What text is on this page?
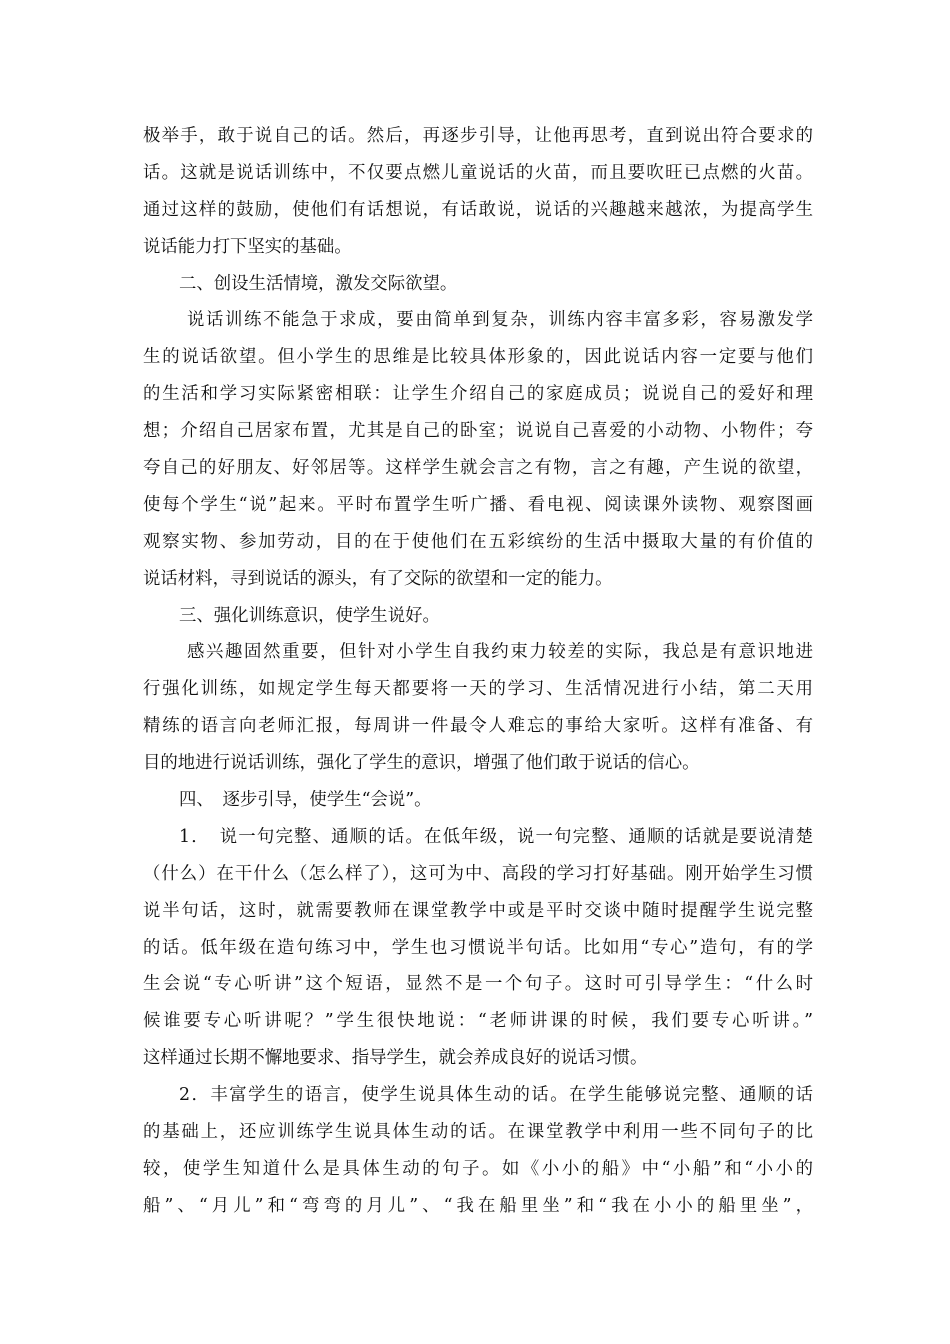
极举手，敢于说自己的话。然后，再逐步引导，让他再思考，直到说出符合要求的
话。这就是说话训练中，不仅要点燃儿童说话的火苗，而且要吹旺已点燃的火苗。
通过这样的鼓励，使他们有话想说，有话敢说，说话的兴趣越来越浓，为提高学生
说话能力打下坚实的基础。
二、创设生活情境，激发交际欲望。
说话训练不能急于求成，要由简单到复杂，训练内容丰富多彩，容易激发学
生的说话欲望。但小学生的思维是比较具体形象的，因此说话内容一定要与他们
的生活和学习实际紧密相联：让学生介绍自己的家庭成员；说说自己的爱好和理
想；介绍自己居家布置，尤其是自己的卧室；说说自己喜爱的小动物、小物件；夸
夸自己的好朋友、好邻居等。这样学生就会言之有物，言之有趣，产生说的欲望，
使每个学生“说”起来。平时布置学生听广播、看电视、阅读课外读物、观察图画
观察实物、参加劳动，目的在于使他们在五彩缤纷的生活中摄取大量的有价值的
说话材料，寻到说话的源头，有了交际的欲望和一定的能力。
三、强化训练意识，使学生说好。
感兴趣固然重要，但针对小学生自我约束力较差的实际，我总是有意识地进
行强化训练，如规定学生每天都要将一天的学习、生活情况进行小结，第二天用
精练的语言向老师汇报，每周讲一件最令人难忘的事给大家听。这样有准备、有
目的地进行说话训练，强化了学生的意识，增强了他们敢于说话的信心。
四、　逐步引导，使学生“会说”。
1．　说一句完整、通顺的话。在低年级，说一句完整、通顺的话就是要说清楚
（什么）在干什么（怎么样了），这可为中、高段的学习打好基础。刚开始学生习惯
说半句话，这时，就需要教师在课堂教学中或是平时交谈中随时提醒学生说完整
的话。低年级在造句练习中，学生也习惯说半句话。比如用“专心”造句，有的学
生会说“专心听讲”这个短语，显然不是一个句子。这时可引导学生：“什么时
候谁要专心听讲呢？”学生很快地说：“老师讲课的时候，我们要专心听讲。”
这样通过长期不懈地要求、指导学生，就会养成良好的说话习惯。
2．丰富学生的语言，使学生说具体生动的话。在学生能够说完整、通顺的话
的基础上，还应训练学生说具体生动的话。在课堂教学中利用一些不同句子的比
较，使学生知道什么是具体生动的句子。如《小小的船》中“小船”和“小小的
船”、“月儿”和“弯弯的月儿”、“我在船里坐”和“我在小小的船里坐”，
